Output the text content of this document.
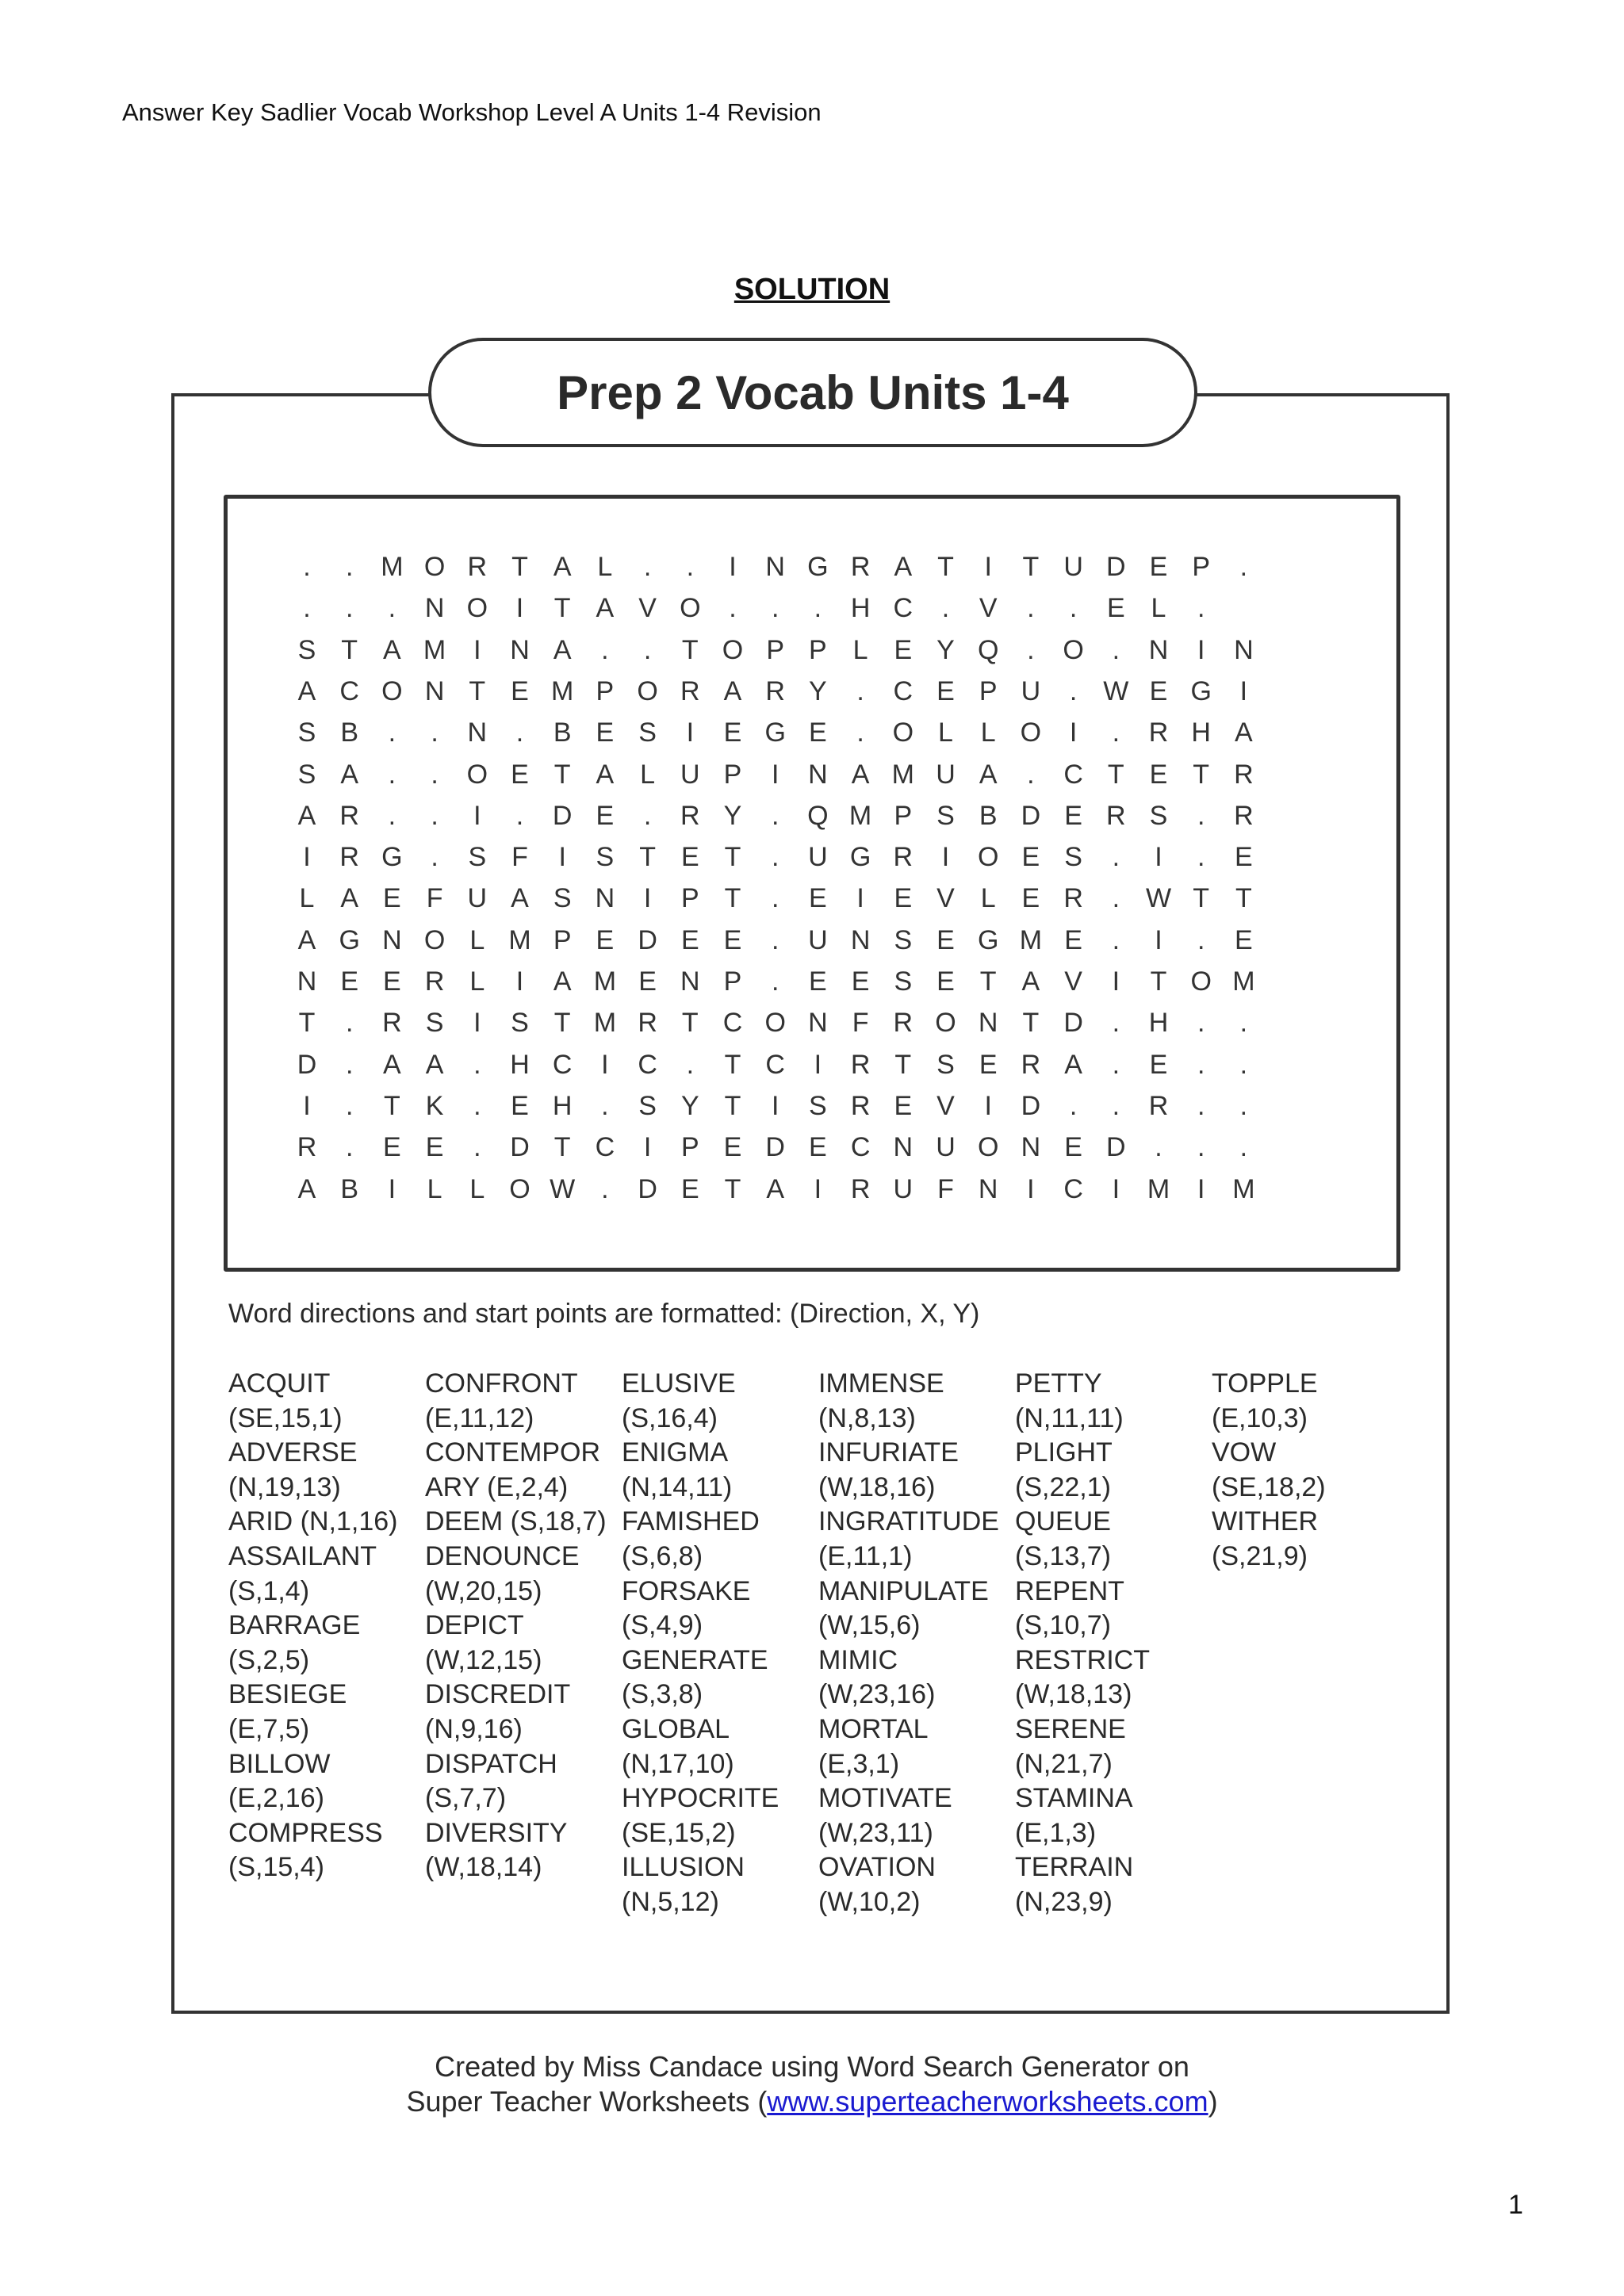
Answer Key Sadlier Vocab Workshop Level A Units 1-4 Revision
SOLUTION
Prep 2 Vocab Units 1-4
.	.	M O R T A L	.	.	I	N G R A T	I	T U D E P	.
.	.	.	N O	I	T A V O	.	.	.	H C	.	V	.	.	E L	.
S T A M	I	N A	.	.	T O P P L E Y Q	.	O	.	N	I	N
A C O N T E M P O R A R Y	.	C E P U	. W E G	I
S B	.	.	N	.	B E S	I	E G E	.	O L	L O	I	.	R H A
S A	.	.	O E T A L U P	I	N A M U A	.	C T E T R
A R	.	.	I	.	D E	.	R Y	.	Q M P S B D E R S	.	R
I	R G	.	S F	I	S T E T	.	U G R	I	O E S	.	I	.	E
L A E F U A S N	I	P T	.	E	I	E V L E R	. W T T
A G N O L M P E D E E	.	U N S E G M E	.	I	.	E
N E E R L	I	A M E N P	.	E E S E T A V	I	T O M
T	.	R S	I	S T M R T C O N F R O N T D	.	H	.	.
D	.	A A	.	H C	I	C	.	T C	I	R T S E R A	.	E	.	.
I	.	T K	.	E H	.	S Y T	I	S R E V	I	D	.	.	R	.	.
R	.	E E	.	D T C	I	P E D E C N U O N E D	.	.	.
A B	I	L	L O W .	D E T A	I	R U F N	I	C	I	M	I	M
Word directions and start points are formatted: (Direction, X, Y)
ACQUIT
(SE,15,1)
ADVERSE
(N,19,13)
ARID (N,1,16)
ASSAILANT
(S,1,4)
BARRAGE
(S,2,5)
BESIEGE
(E,7,5)
BILLOW
(E,2,16)
COMPRESS
(S,15,4)
CONFRONT
(E,11,12)
CONTEMPOR
ARY (E,2,4)
DEEM (S,18,7)
DENOUNCE
(W,20,15)
DEPICT
(W,12,15)
DISCREDIT
(N,9,16)
DISPATCH
(S,7,7)
DIVERSITY
(W,18,14)
ELUSIVE
(S,16,4)
ENIGMA
(N,14,11)
FAMISHED
(S,6,8)
FORSAKE
(S,4,9)
GENERATE
(S,3,8)
GLOBAL
(N,17,10)
HYPOCRITE
(SE,15,2)
ILLUSION
(N,5,12)
IMMENSE
(N,8,13)
INFURIATE
(W,18,16)
INGRATITUDE
(E,11,1)
MANIPULATE
(W,15,6)
MIMIC
(W,23,16)
MORTAL
(E,3,1)
MOTIVATE
(W,23,11)
OVATION
(W,10,2)
PETTY
(N,11,11)
PLIGHT
(S,22,1)
QUEUE
(S,13,7)
REPENT
(S,10,7)
RESTRICT
(W,18,13)
SERENE
(N,21,7)
STAMINA
(E,1,3)
TERRAIN
(N,23,9)
TOPPLE
(E,10,3)
VOW
(SE,18,2)
WITHER
(S,21,9)
Created by Miss Candace using Word Search Generator on
Super Teacher Worksheets (www.superteacherworksheets.com)
1
